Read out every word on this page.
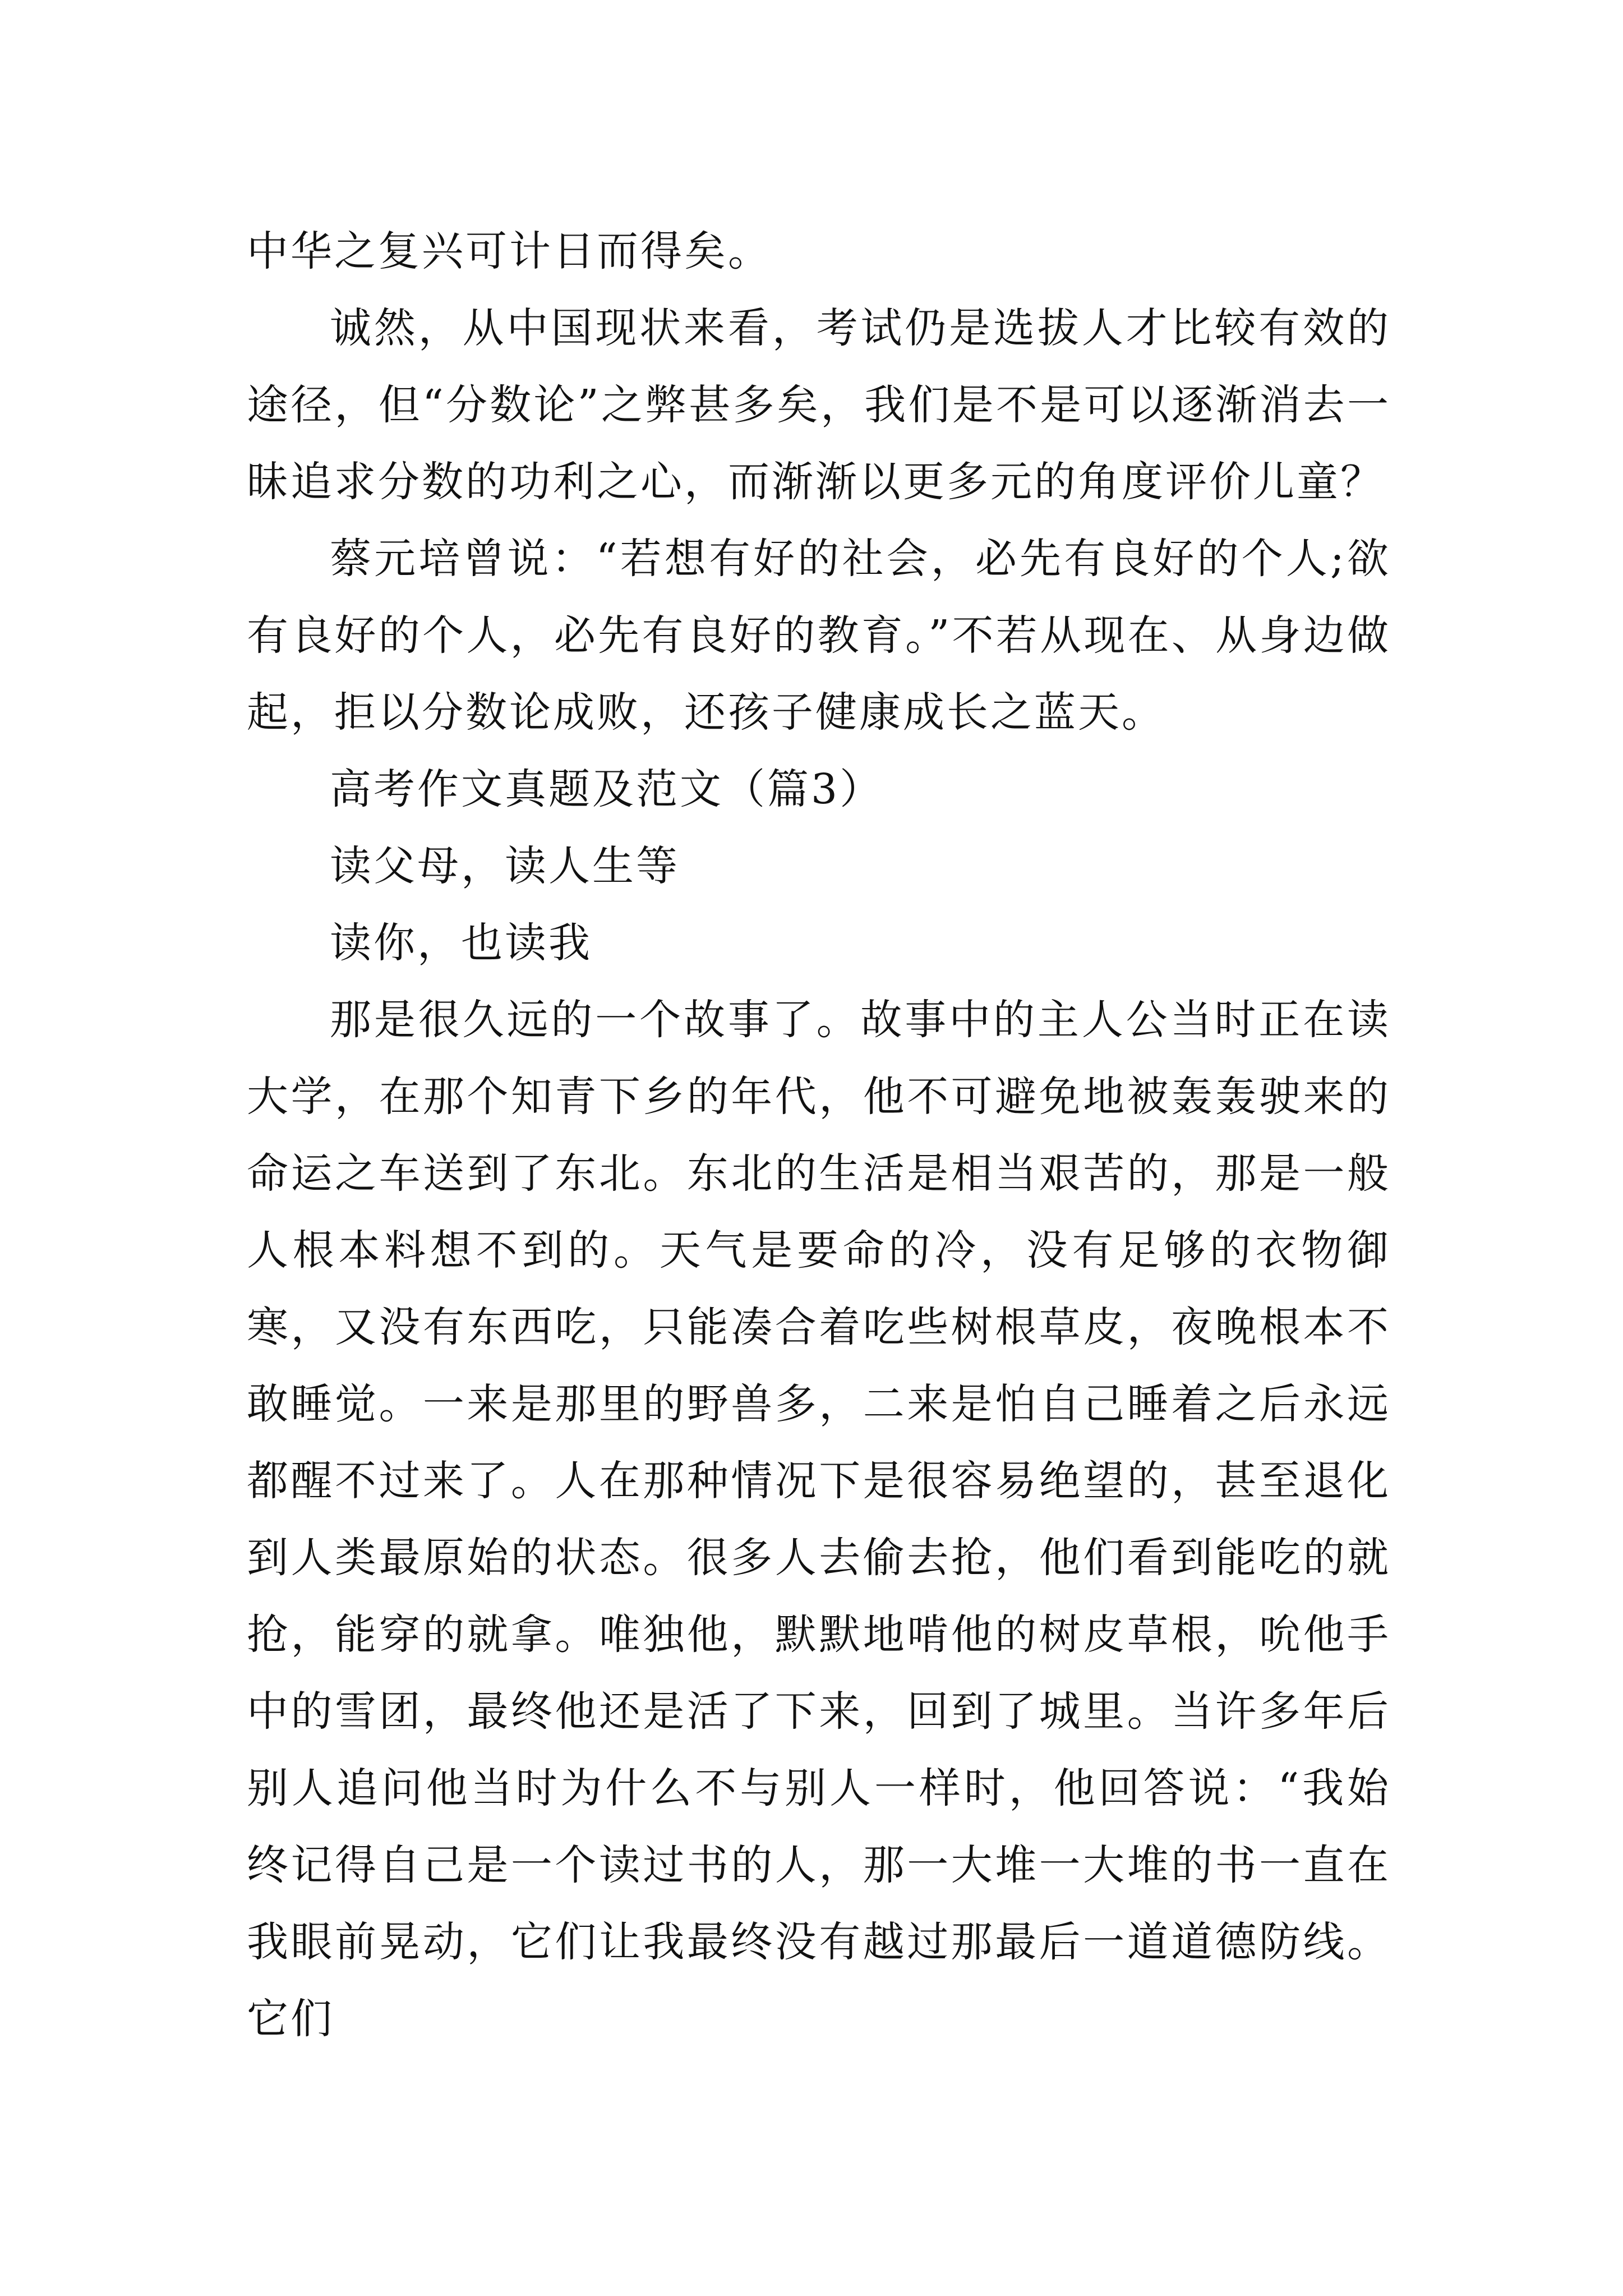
中华之复兴可计日而得矣。

诚然，从中国现状来看，考试仍是选拔人才比较有效的途径，但“分数论”之弊甚多矣，我们是不是可以逐渐消去一昧追求分数的功利之心，而渐渐以更多元的角度评价儿童？

蔡元培曾说：“若想有好的社会，必先有良好的个人;欲有良好的个人，必先有良好的教育。”不若从现在、从身边做起，拒以分数论成败，还孩子健康成长之蓝天。

高考作文真题及范文（篇3）

读父母，读人生等

读你，也读我

那是很久远的一个故事了。故事中的主人公当时正在读大学，在那个知青下乡的年代，他不可避免地被轰轰驶来的命运之车送到了东北。东北的生活是相当艰苦的，那是一般人根本料想不到的。天气是要命的冷，没有足够的衣物御寒，又没有东西吃，只能凑合着吃些树根草皮，夜晚根本不敢睡觉。一来是那里的野兽多，二来是怕自己睡着之后永远都醒不过来了。人在那种情况下是很容易绝望的，甚至退化到人类最原始的状态。很多人去偷去抢，他们看到能吃的就抢，能穿的就拿。唯独他，默默地啃他的树皮草根，吮他手中的雪团，最终他还是活了下来，回到了城里。当许多年后别人追问他当时为什么不与别人一样时，他回答说：“我始终记得自己是一个读过书的人，那一大堆一大堆的书一直在我眼前晃动，它们让我最终没有越过那最后一道道德防线。它们
